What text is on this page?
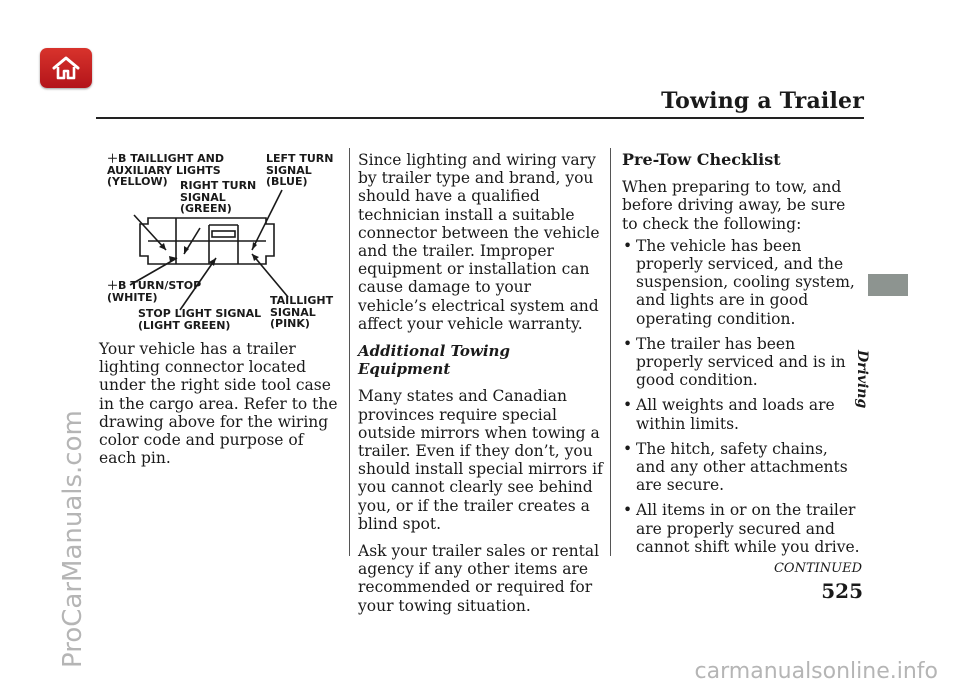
Towing a Trailer
Driving
＋B TAILLIGHT AND
AUXILIARY LIGHTS
(YELLOW)	RIGHT TURN
SIGNAL
(GREEN)
LEFT TURN
SIGNAL
(BLUE)
＋B TURN/STOP
(WHITE)
STOP LIGHT SIGNAL
(LIGHT GREEN)
TAILLIGHT
SIGNAL
(PINK)

Your vehicle has a trailer lighting connector located under the right side tool case in the cargo area. Refer to the drawing above for the wiring color code and purpose of each pin.

Since lighting and wiring vary by trailer type and brand, you should have a qualified technician install a suitable connector between the vehicle and the trailer. Improper equipment or installation can cause damage to your vehicle’s electrical system and affect your vehicle warranty.

Additional Towing Equipment

Many states and Canadian provinces require special outside mirrors when towing a trailer. Even if they don’t, you should install special mirrors if you cannot clearly see behind you, or if the trailer creates a blind spot.

Ask your trailer sales or rental agency if any other items are recommended or required for your towing situation.

Pre-Tow Checklist

When preparing to tow, and before driving away, be sure to check the following:

• The vehicle has been properly serviced, and the suspension, cooling system, and lights are in good operating condition.
• The trailer has been properly serviced and is in good condition.
• All weights and loads are within limits.
• The hitch, safety chains, and any other attachments are secure.
• All items in or on the trailer are properly secured and cannot shift while you drive.
CONTINUED
525
ProCarManuals.com
carmanualsonline.info
